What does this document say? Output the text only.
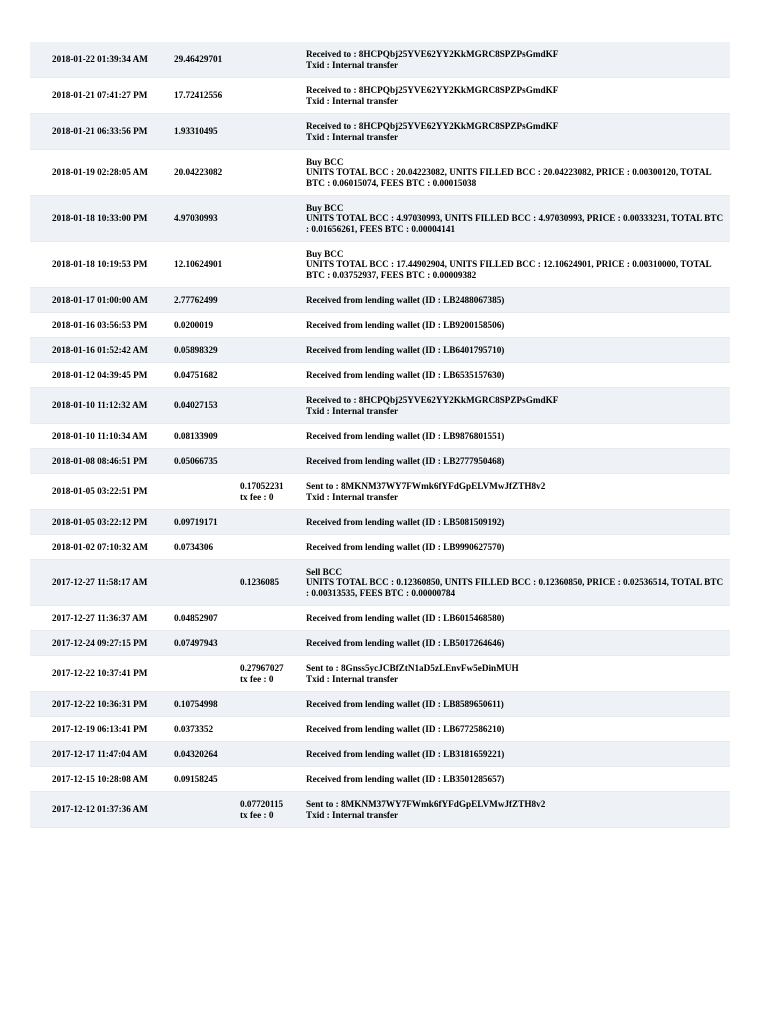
2018-01-22 01:39:34 AM	29.46429701		Received to : 8HCPQbj25YVE62YY2KkMGRC8SPZPsGmdKF
Txid : Internal transfer

2018-01-21 07:41:27 PM	17.72412556		Received to : 8HCPQbj25YVE62YY2KkMGRC8SPZPsGmdKF
Txid : Internal transfer

2018-01-21 06:33:56 PM	1.93310495		Received to : 8HCPQbj25YVE62YY2KkMGRC8SPZPsGmdKF
Txid : Internal transfer

2018-01-19 02:28:05 AM	20.04223082		Buy BCC
UNITS TOTAL BCC : 20.04223082, UNITS FILLED BCC : 20.04223082, PRICE : 0.00300120, TOTAL BTC : 0.06015074, FEES BTC : 0.00015038

2018-01-18 10:33:00 PM	4.97030993		Buy BCC
UNITS TOTAL BCC : 4.97030993, UNITS FILLED BCC : 4.97030993, PRICE : 0.00333231, TOTAL BTC : 0.01656261, FEES BTC : 0.00004141

2018-01-18 10:19:53 PM	12.10624901		Buy BCC
UNITS TOTAL BCC : 17.44902904, UNITS FILLED BCC : 12.10624901, PRICE : 0.00310000, TOTAL BTC : 0.03752937, FEES BTC : 0.00009382

2018-01-17 01:00:00 AM	2.77762499		Received from lending wallet (ID : LB2488067385)

2018-01-16 03:56:53 PM	0.0200019		Received from lending wallet (ID : LB9200158506)

2018-01-16 01:52:42 AM	0.05898329		Received from lending wallet (ID : LB6401795710)

2018-01-12 04:39:45 PM	0.04751682		Received from lending wallet (ID : LB6535157630)

2018-01-10 11:12:32 AM	0.04027153		Received to : 8HCPQbj25YVE62YY2KkMGRC8SPZPsGmdKF
Txid : Internal transfer

2018-01-10 11:10:34 AM	0.08133909		Received from lending wallet (ID : LB9876801551)

2018-01-08 08:46:51 PM	0.05066735		Received from lending wallet (ID : LB2777950468)

2018-01-05 03:22:51 PM		0.17052231
tx fee : 0	Sent to : 8MKNM37WY7FWmk6fYFdGpELVMwJfZTH8v2
Txid : Internal transfer

2018-01-05 03:22:12 PM	0.09719171		Received from lending wallet (ID : LB5081509192)

2018-01-02 07:10:32 AM	0.0734306		Received from lending wallet (ID : LB9990627570)

2017-12-27 11:58:17 AM		0.1236085	Sell BCC
UNITS TOTAL BCC : 0.12360850, UNITS FILLED BCC : 0.12360850, PRICE : 0.02536514, TOTAL BTC : 0.00313535, FEES BTC : 0.00000784

2017-12-27 11:36:37 AM	0.04852907		Received from lending wallet (ID : LB6015468580)

2017-12-24 09:27:15 PM	0.07497943		Received from lending wallet (ID : LB5017264646)

2017-12-22 10:37:41 PM		0.27967027
tx fee : 0	Sent to : 8Gnss5ycJCBfZtN1aD5zLEnvFw5eDinMUH
Txid : Internal transfer

2017-12-22 10:36:31 PM	0.10754998		Received from lending wallet (ID : LB8589650611)

2017-12-19 06:13:41 PM	0.0373352		Received from lending wallet (ID : LB6772586210)

2017-12-17 11:47:04 AM	0.04320264		Received from lending wallet (ID : LB3181659221)

2017-12-15 10:28:08 AM	0.09158245		Received from lending wallet (ID : LB3501285657)

2017-12-12 01:37:36 AM		0.07720115
tx fee : 0	Sent to : 8MKNM37WY7FWmk6fYFdGpELVMwJfZTH8v2
Txid : Internal transfer
